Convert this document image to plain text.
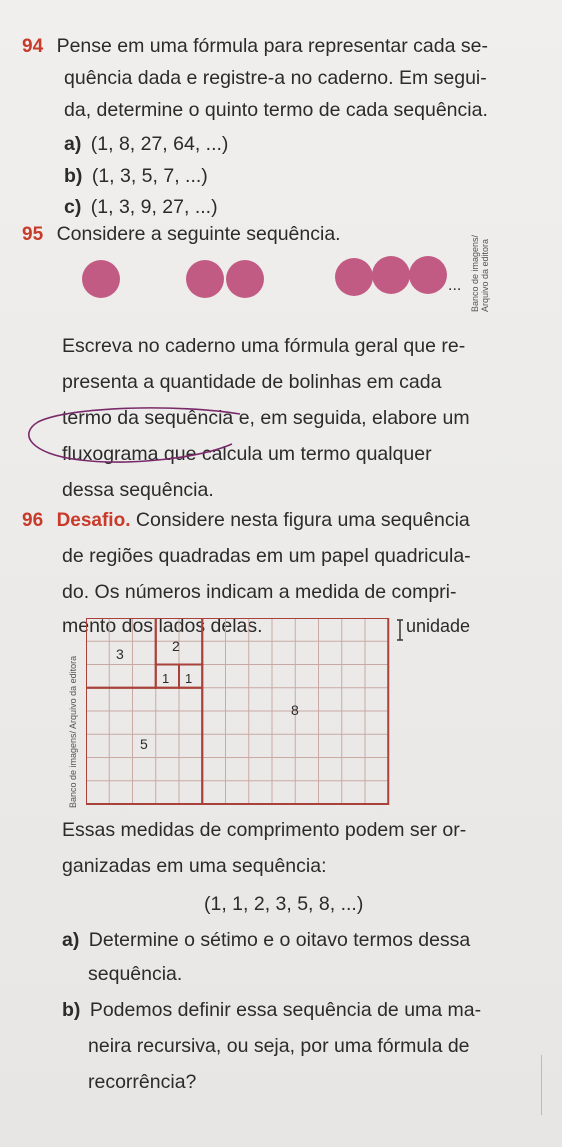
94 Pense em uma fórmula para representar cada se-
quência dada e registre-a no caderno. Em segui-
da, determine o quinto termo de cada sequência.
a) (1, 8, 27, 64, ...)
b) (1, 3, 5, 7, ...)
c) (1, 3, 9, 27, ...)
95 Considere a seguinte sequência.
... Banco de imagens/ Arquivo da editora
Escreva no caderno uma fórmula geral que re-
presenta a quantidade de bolinhas em cada
termo da sequência e, em seguida, elabore um
fluxograma que calcula um termo qualquer
dessa sequência.
96 Desafio. Considere nesta figura uma sequência
de regiões quadradas em um papel quadricula-
do. Os números indicam a medida de compri-
mento dos lados delas.	unidade
3	2
1 1
8
5
Banco de imagens/ Arquivo da editora
Essas medidas de comprimento podem ser or-
ganizadas em uma sequência:
(1, 1, 2, 3, 5, 8, ...)
a) Determine o sétimo e o oitavo termos dessa
sequência.
b) Podemos definir essa sequência de uma ma-
neira recursiva, ou seja, por uma fórmula de
recorrência?
